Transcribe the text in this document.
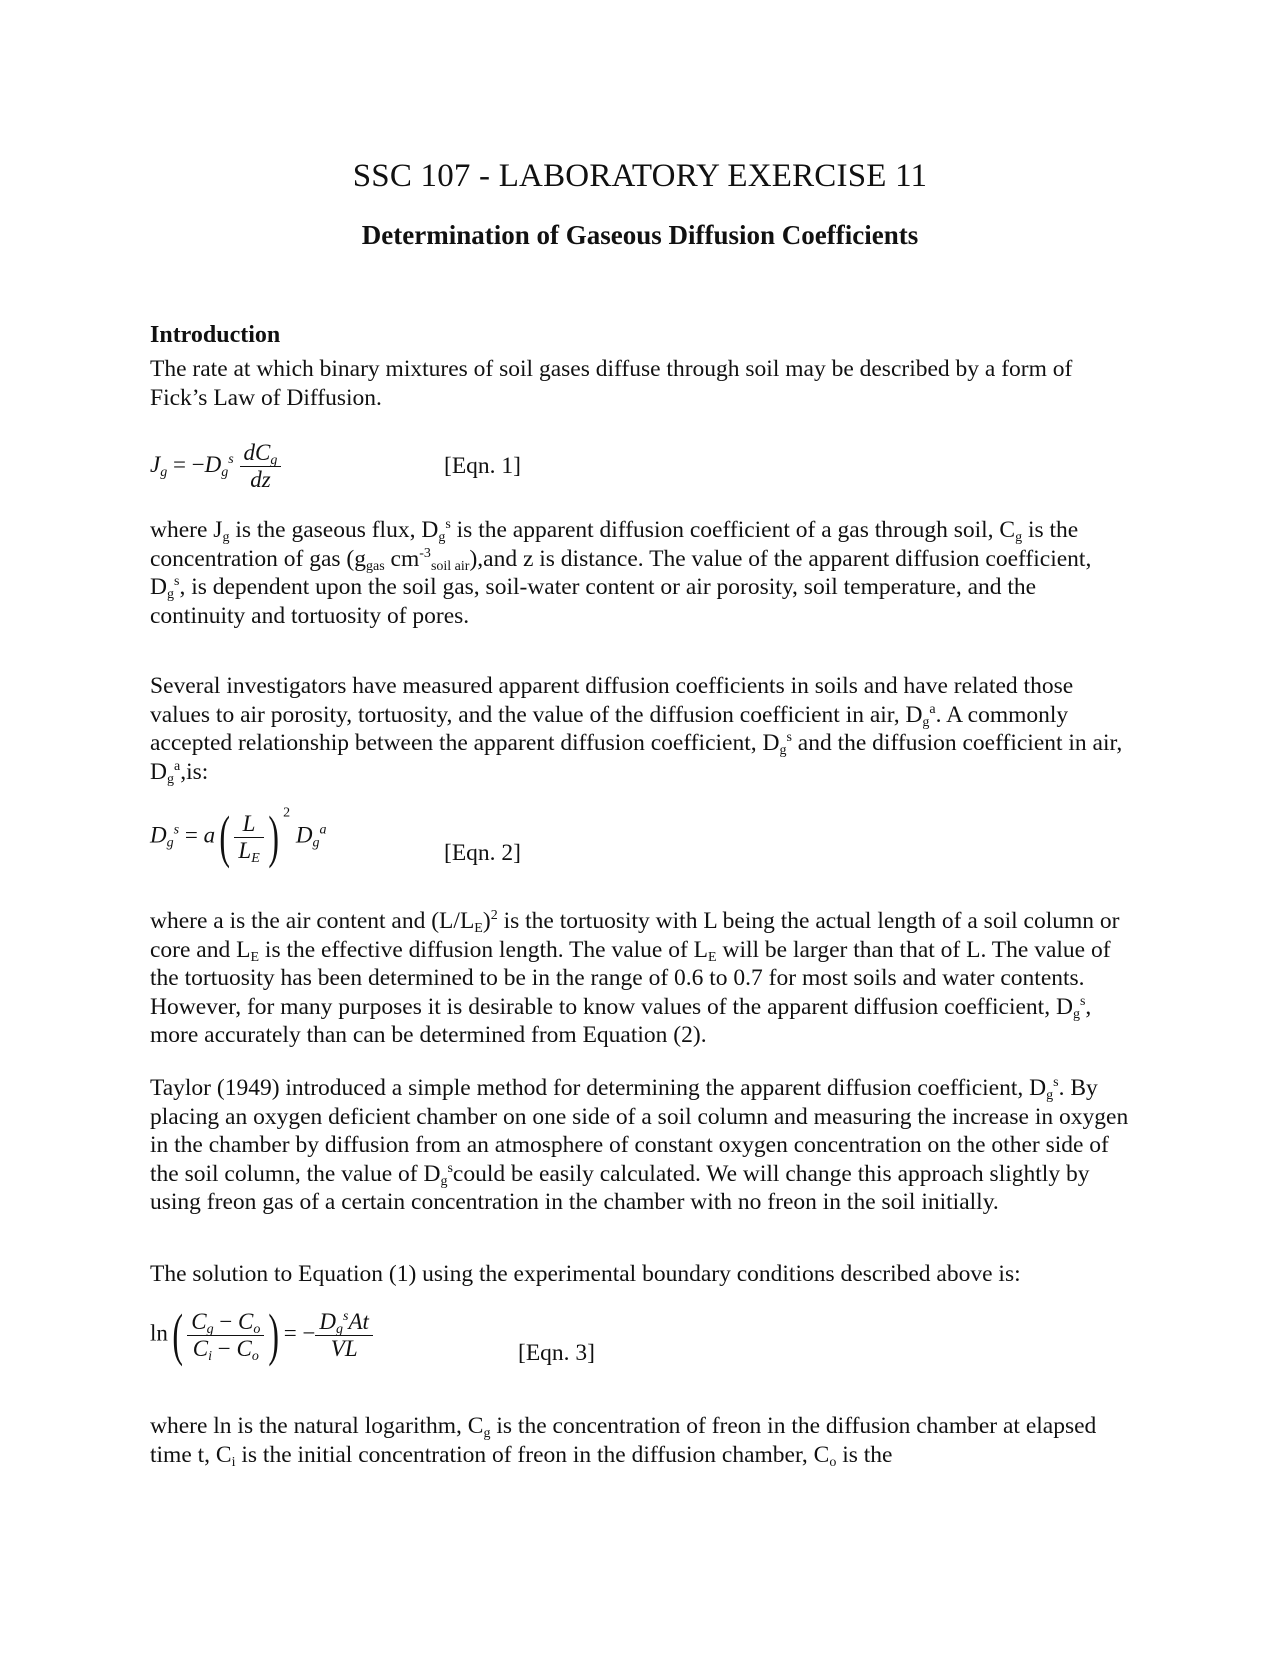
SSC 107 - LABORATORY EXERCISE 11
Determination of Gaseous Diffusion Coefficients
Introduction
The rate at which binary mixtures of soil gases diffuse through soil may be described by a form of Fick’s Law of Diffusion.
$J_g = -D_g^s \frac{dC_g}{dz}$	[Eqn. 1]
where $J_g$ is the gaseous flux, $D_g^s$ is the apparent diffusion coefficient of a gas through soil, $C_g$ is the concentration of gas ($g_{gas}$ $cm^{-3}_{soil air}),and$ z is distance. The value of the apparent diffusion coefficient, $D_g^s$, is dependent upon the soil gas, soil-water content or air porosity, soil temperature, and the continuity and tortuosity of pores.
Several investigators have measured apparent diffusion coefficients in soils and have related those values to air porosity, tortuosity, and the value of the diffusion coefficient in air, $D_g^a$. A commonly accepted relationship between the apparent diffusion coefficient, $D_g^s$ and the diffusion coefficient in air, $D_g^a,is$:
$D_g^s = a( \frac{L}{L_E}$ ) $^2$ $D_g^a$
[Eqn. 2]
where a is the air content and $(L/L_E)^2$ is the tortuosity with L being the actual length of a soil column or core and $L_E$ is the effective diffusion length. The value of $L_E$ will be larger than that of L. The value of the tortuosity has been determined to be in the range of 0.6 to 0.7 for most soils and water contents. However, for many purposes it is desirable to know values of the apparent diffusion coefficient, $D_g^s$, more accurately than can be determined from Equation (2).
Taylor (1949) introduced a simple method for determining the apparent diffusion coefficient, $D_g^s$. By placing an oxygen deficient chamber on one side of a soil column and measuring the increase in oxygen in the chamber by diffusion from an atmosphere of constant oxygen concentration on the other side of the soil column, the value of $D_g^scould$ be easily calculated. We will change this approach slightly by using freon gas of a certain concentration in the chamber with no freon in the soil initially.
The solution to Equation (1) using the experimental boundary conditions described above is:
$\ln( \frac{C_g - C_o}{C_i - C_o}$ ) = − $\frac{D_g^sAt}{VL}$	[Eqn. 3]
where ln is the natural logarithm, $C_g$ is the concentration of freon in the diffusion chamber at elapsed time t, $C_i$ is the initial concentration of freon in the diffusion chamber, $C_o$ is the
